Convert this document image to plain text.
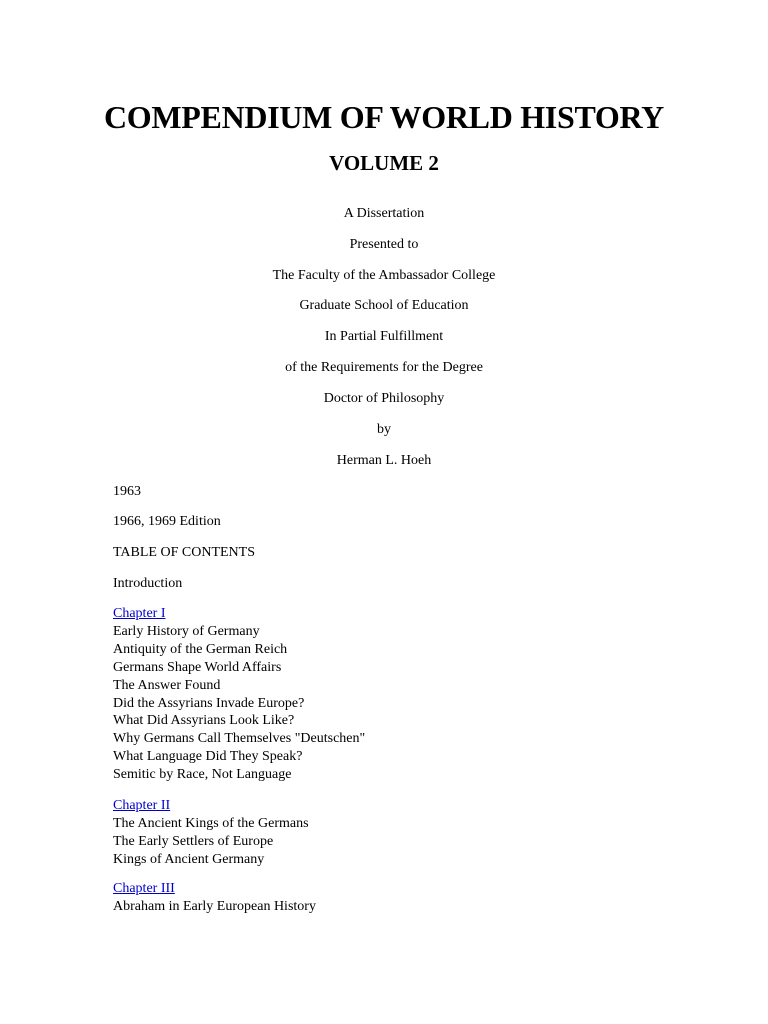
COMPENDIUM OF WORLD HISTORY
VOLUME 2
A Dissertation
Presented to
The Faculty of the Ambassador College
Graduate School of Education
In Partial Fulfillment
of the Requirements for the Degree
Doctor of Philosophy
by
Herman L. Hoeh
1963
1966, 1969 Edition
TABLE OF CONTENTS
Introduction
Chapter I
Early History of Germany
Antiquity of the German Reich
Germans Shape World Affairs
The Answer Found
Did the Assyrians Invade Europe?
What Did Assyrians Look Like?
Why Germans Call Themselves "Deutschen"
What Language Did They Speak?
Semitic by Race, Not Language
Chapter II
The Ancient Kings of the Germans
The Early Settlers of Europe
Kings of Ancient Germany
Chapter III
Abraham in Early European History
